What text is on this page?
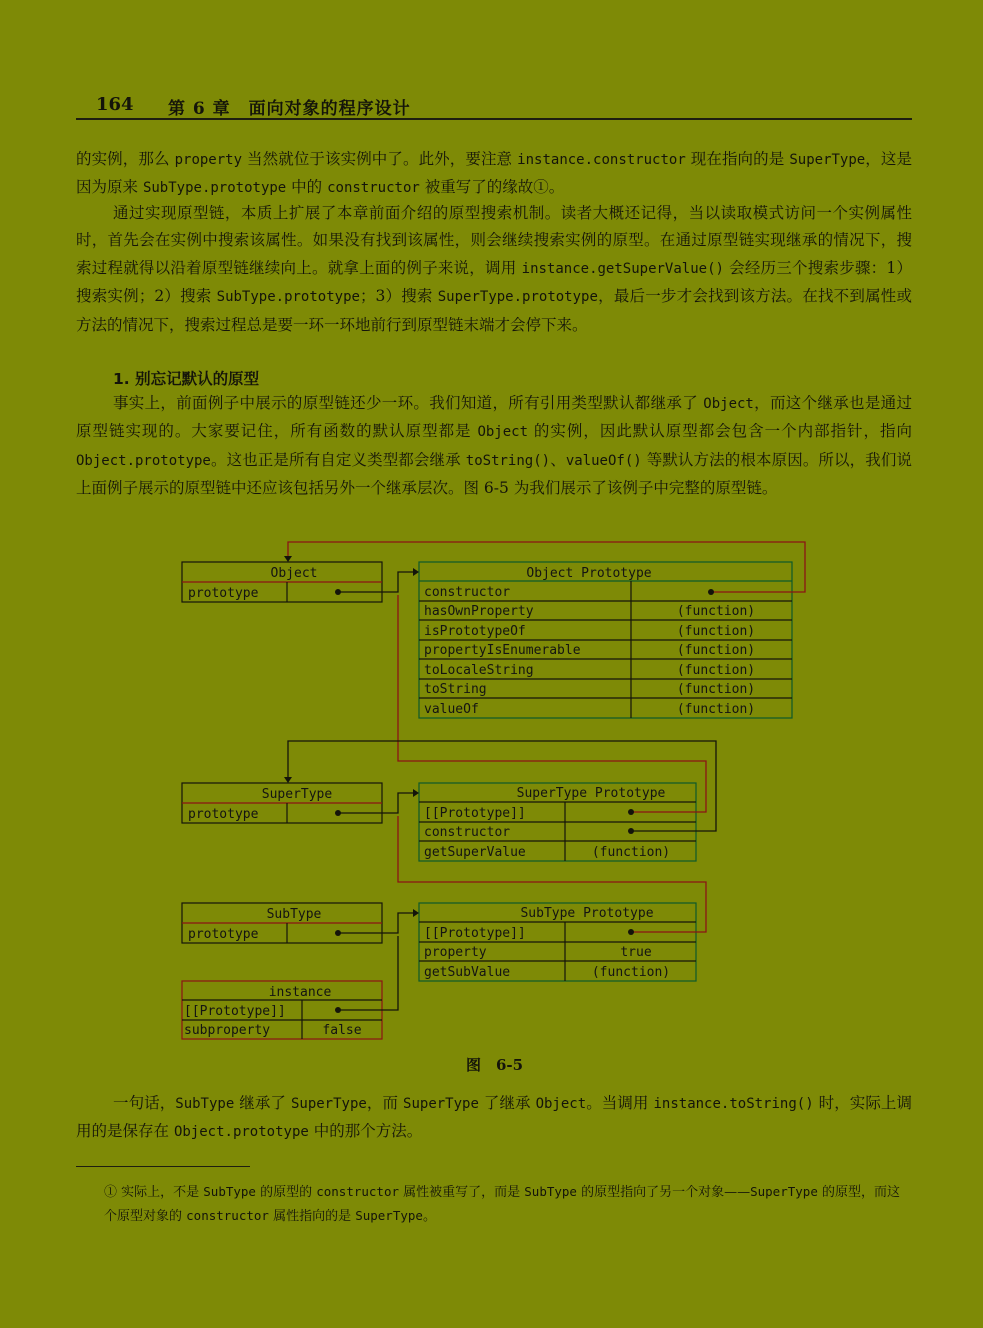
164 第 6 章　面向对象的程序设计

的实例，那么 property 当然就位于该实例中了。此外，要注意 instance.constructor 现在指向的是 SuperType，这是因为原来 SubType.prototype 中的 constructor 被重写了的缘故①。

通过实现原型链，本质上扩展了本章前面介绍的原型搜索机制。读者大概还记得，当以读取模式访问一个实例属性时，首先会在实例中搜索该属性。如果没有找到该属性，则会继续搜索实例的原型。在通过原型链实现继承的情况下，搜索过程就得以沿着原型链继续向上。就拿上面的例子来说，调用 instance.getSuperValue() 会经历三个搜索步骤：1）搜索实例；2）搜索 SubType.prototype；3）搜索 SuperType.prototype，最后一步才会找到该方法。在找不到属性或方法的情况下，搜索过程总是要一环一环地前行到原型链末端才会停下来。

1. 别忘记默认的原型

事实上，前面例子中展示的原型链还少一环。我们知道，所有引用类型默认都继承了 Object，而这个继承也是通过原型链实现的。大家要记住，所有函数的默认原型都是 Object 的实例，因此默认原型都会包含一个内部指针，指向 Object.prototype。这也正是所有自定义类型都会继承 toString()、valueOf() 等默认方法的根本原因。所以，我们说上面例子展示的原型链中还应该包括另外一个继承层次。图 6-5 为我们展示了该例子中完整的原型链。

Object
prototype
Object Prototype
constructor
hasOwnProperty	(function)
isPrototypeOf	(function)
propertyIsEnumerable	(function)
toLocaleString	(function)
toString	(function)
valueOf	(function)
SuperType
prototype
SuperType Prototype
[[Prototype]]
constructor
getSuperValue	(function)
SubType
prototype
SubType Prototype
[[Prototype]]
property	true
getSubValue	(function)
instance
[[Prototype]]
subproperty	false
图　6-5

一句话，SubType 继承了 SuperType，而 SuperType 了继承 Object。当调用 instance.toString() 时，实际上调用的是保存在 Object.prototype 中的那个方法。

① 实际上，不是 SubType 的原型的 constructor 属性被重写了，而是 SubType 的原型指向了另一个对象——SuperType 的原型，而这个原型对象的 constructor 属性指向的是 SuperType。
